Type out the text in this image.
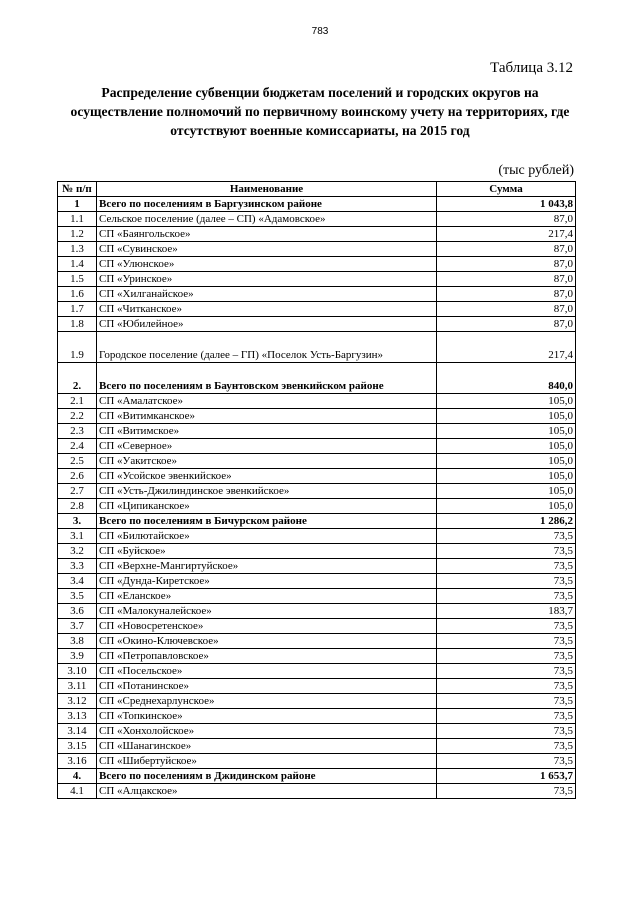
783
Таблица 3.12
Распределение субвенции бюджетам поселений и городских округов на осуществление полномочий по первичному воинскому учету на территориях, где отсутствуют военные комиссариаты, на 2015 год
(тыс рублей)
№ п/п	Наименование	Сумма
1	Всего по поселениям в Баргузинском районе	1 043,8
1.1	Сельское поселение (далее – СП) «Адамовское»	87,0
1.2	СП «Баянгольское»	217,4
1.3	СП «Сувинское»	87,0
1.4	СП «Улюнское»	87,0
1.5	СП «Уринское»	87,0
1.6	СП «Хилганайское»	87,0
1.7	СП «Читканское»	87,0
1.8	СП «Юбилейное»	87,0
1.9	Городское поселение (далее – ГП) «Поселок Усть-Баргузин»	217,4
2.	Всего по поселениям в Баунтовском эвенкийском районе	840,0
2.1	СП «Амалатское»	105,0
2.2	СП «Витимканское»	105,0
2.3	СП «Витимское»	105,0
2.4	СП «Северное»	105,0
2.5	СП «Уакитское»	105,0
2.6	СП «Усойское эвенкийское»	105,0
2.7	СП «Усть-Джилиндинское эвенкийское»	105,0
2.8	СП «Ципиканское»	105,0
3.	Всего по поселениям в Бичурском районе	1 286,2
3.1	СП «Билютайское»	73,5
3.2	СП «Буйское»	73,5
3.3	СП «Верхне-Мангиртуйское»	73,5
3.4	СП «Дунда-Киретское»	73,5
3.5	СП «Еланское»	73,5
3.6	СП «Малокуналейское»	183,7
3.7	СП «Новосретенское»	73,5
3.8	СП «Окино-Ключевское»	73,5
3.9	СП «Петропавловское»	73,5
3.10	СП «Посельское»	73,5
3.11	СП «Потанинское»	73,5
3.12	СП «Среднехарлунское»	73,5
3.13	СП «Топкинское»	73,5
3.14	СП «Хонхолойское»	73,5
3.15	СП «Шанагинское»	73,5
3.16	СП «Шибертуйское»	73,5
4.	Всего по поселениям в Джидинском районе	1 653,7
4.1	СП «Алцакское»	73,5
